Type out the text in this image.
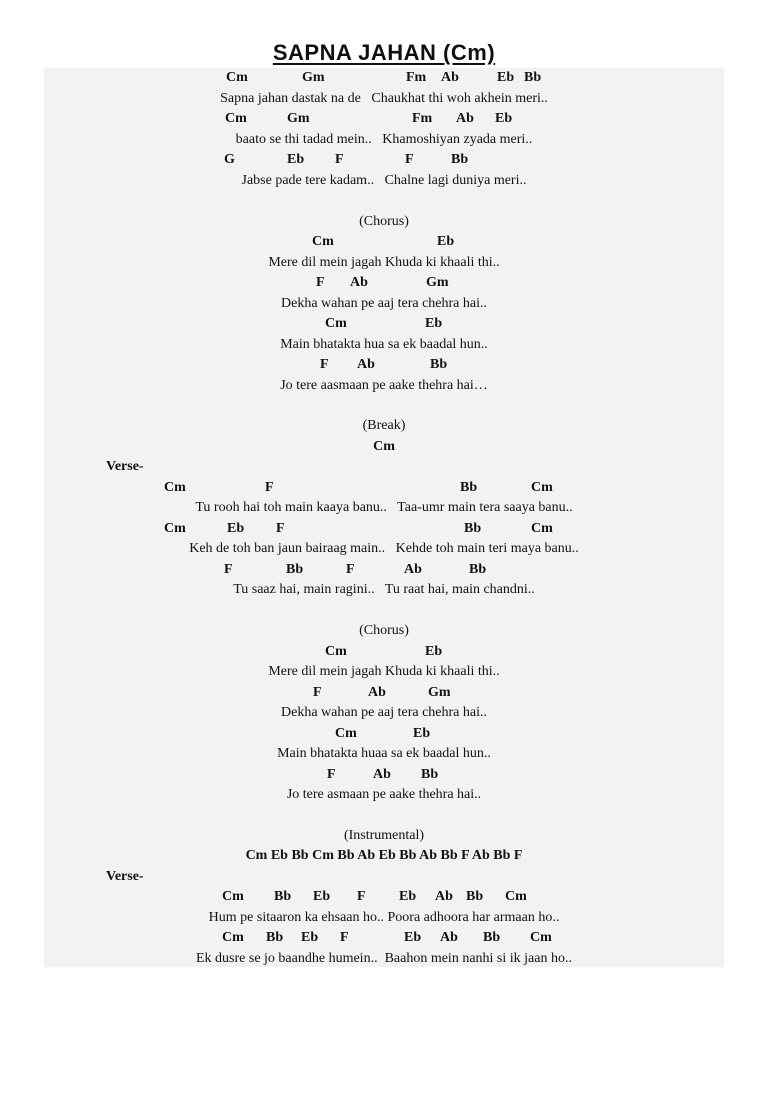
SAPNA JAHAN (Cm)

Cm

	Gm

	Fm

Ab

	Eb

Bb

Sapna jahan dastak na de   Chaukhat thi woh akhein meri..

Cm

	Gm

	Fm

Ab

Eb

baato se thi tadad mein..   Khamoshiyan zyada meri..

G

	Eb

F

	F

	Bb

Jabse pade tere kadam..   Chalne lagi duniya meri..
(Chorus)

Cm

	Eb

Mere dil mein jagah Khuda ki khaali thi..

F

Ab

	Gm

Dekha wahan pe aaj tera chehra hai..

Cm

	Eb

Main bhatakta hua sa ek baadal hun..

F

Ab

	Bb

Jo tere aasmaan pe aake thehra hai…
(Break)
Cm
Verse-

Cm

	F

	Bb

	Cm

Tu rooh hai toh main kaaya banu..   Taa-umr main tera saaya banu..

Cm

	Eb

F

	Bb

	Cm

Keh de toh ban jaun bairaag main..   Kehde toh main teri maya banu..

F

	Bb

	F

	Ab

	Bb

Tu saaz hai, main ragini..   Tu raat hai, main chandni..
(Chorus)

Cm

	Eb

Mere dil mein jagah Khuda ki khaali thi..

F

	Ab

	Gm

Dekha wahan pe aaj tera chehra hai..

Cm

	Eb

Main bhatakta huaa sa ek baadal hun..

F

	Ab

Bb

Jo tere asmaan pe aake thehra hai..
(Instrumental)
Cm Eb Bb Cm Bb Ab Eb Bb Ab Bb F Ab Bb F
Verse-

Cm

Bb

Eb

F

Eb

Ab

Bb

Cm

Hum pe sitaaron ka ehsaan ho.. Poora adhoora har armaan ho..

Cm

Bb

Eb

F

	Eb

Ab

Bb

Cm

Ek dusre se jo baandhe humein..  Baahon mein nanhi si ik jaan ho..
